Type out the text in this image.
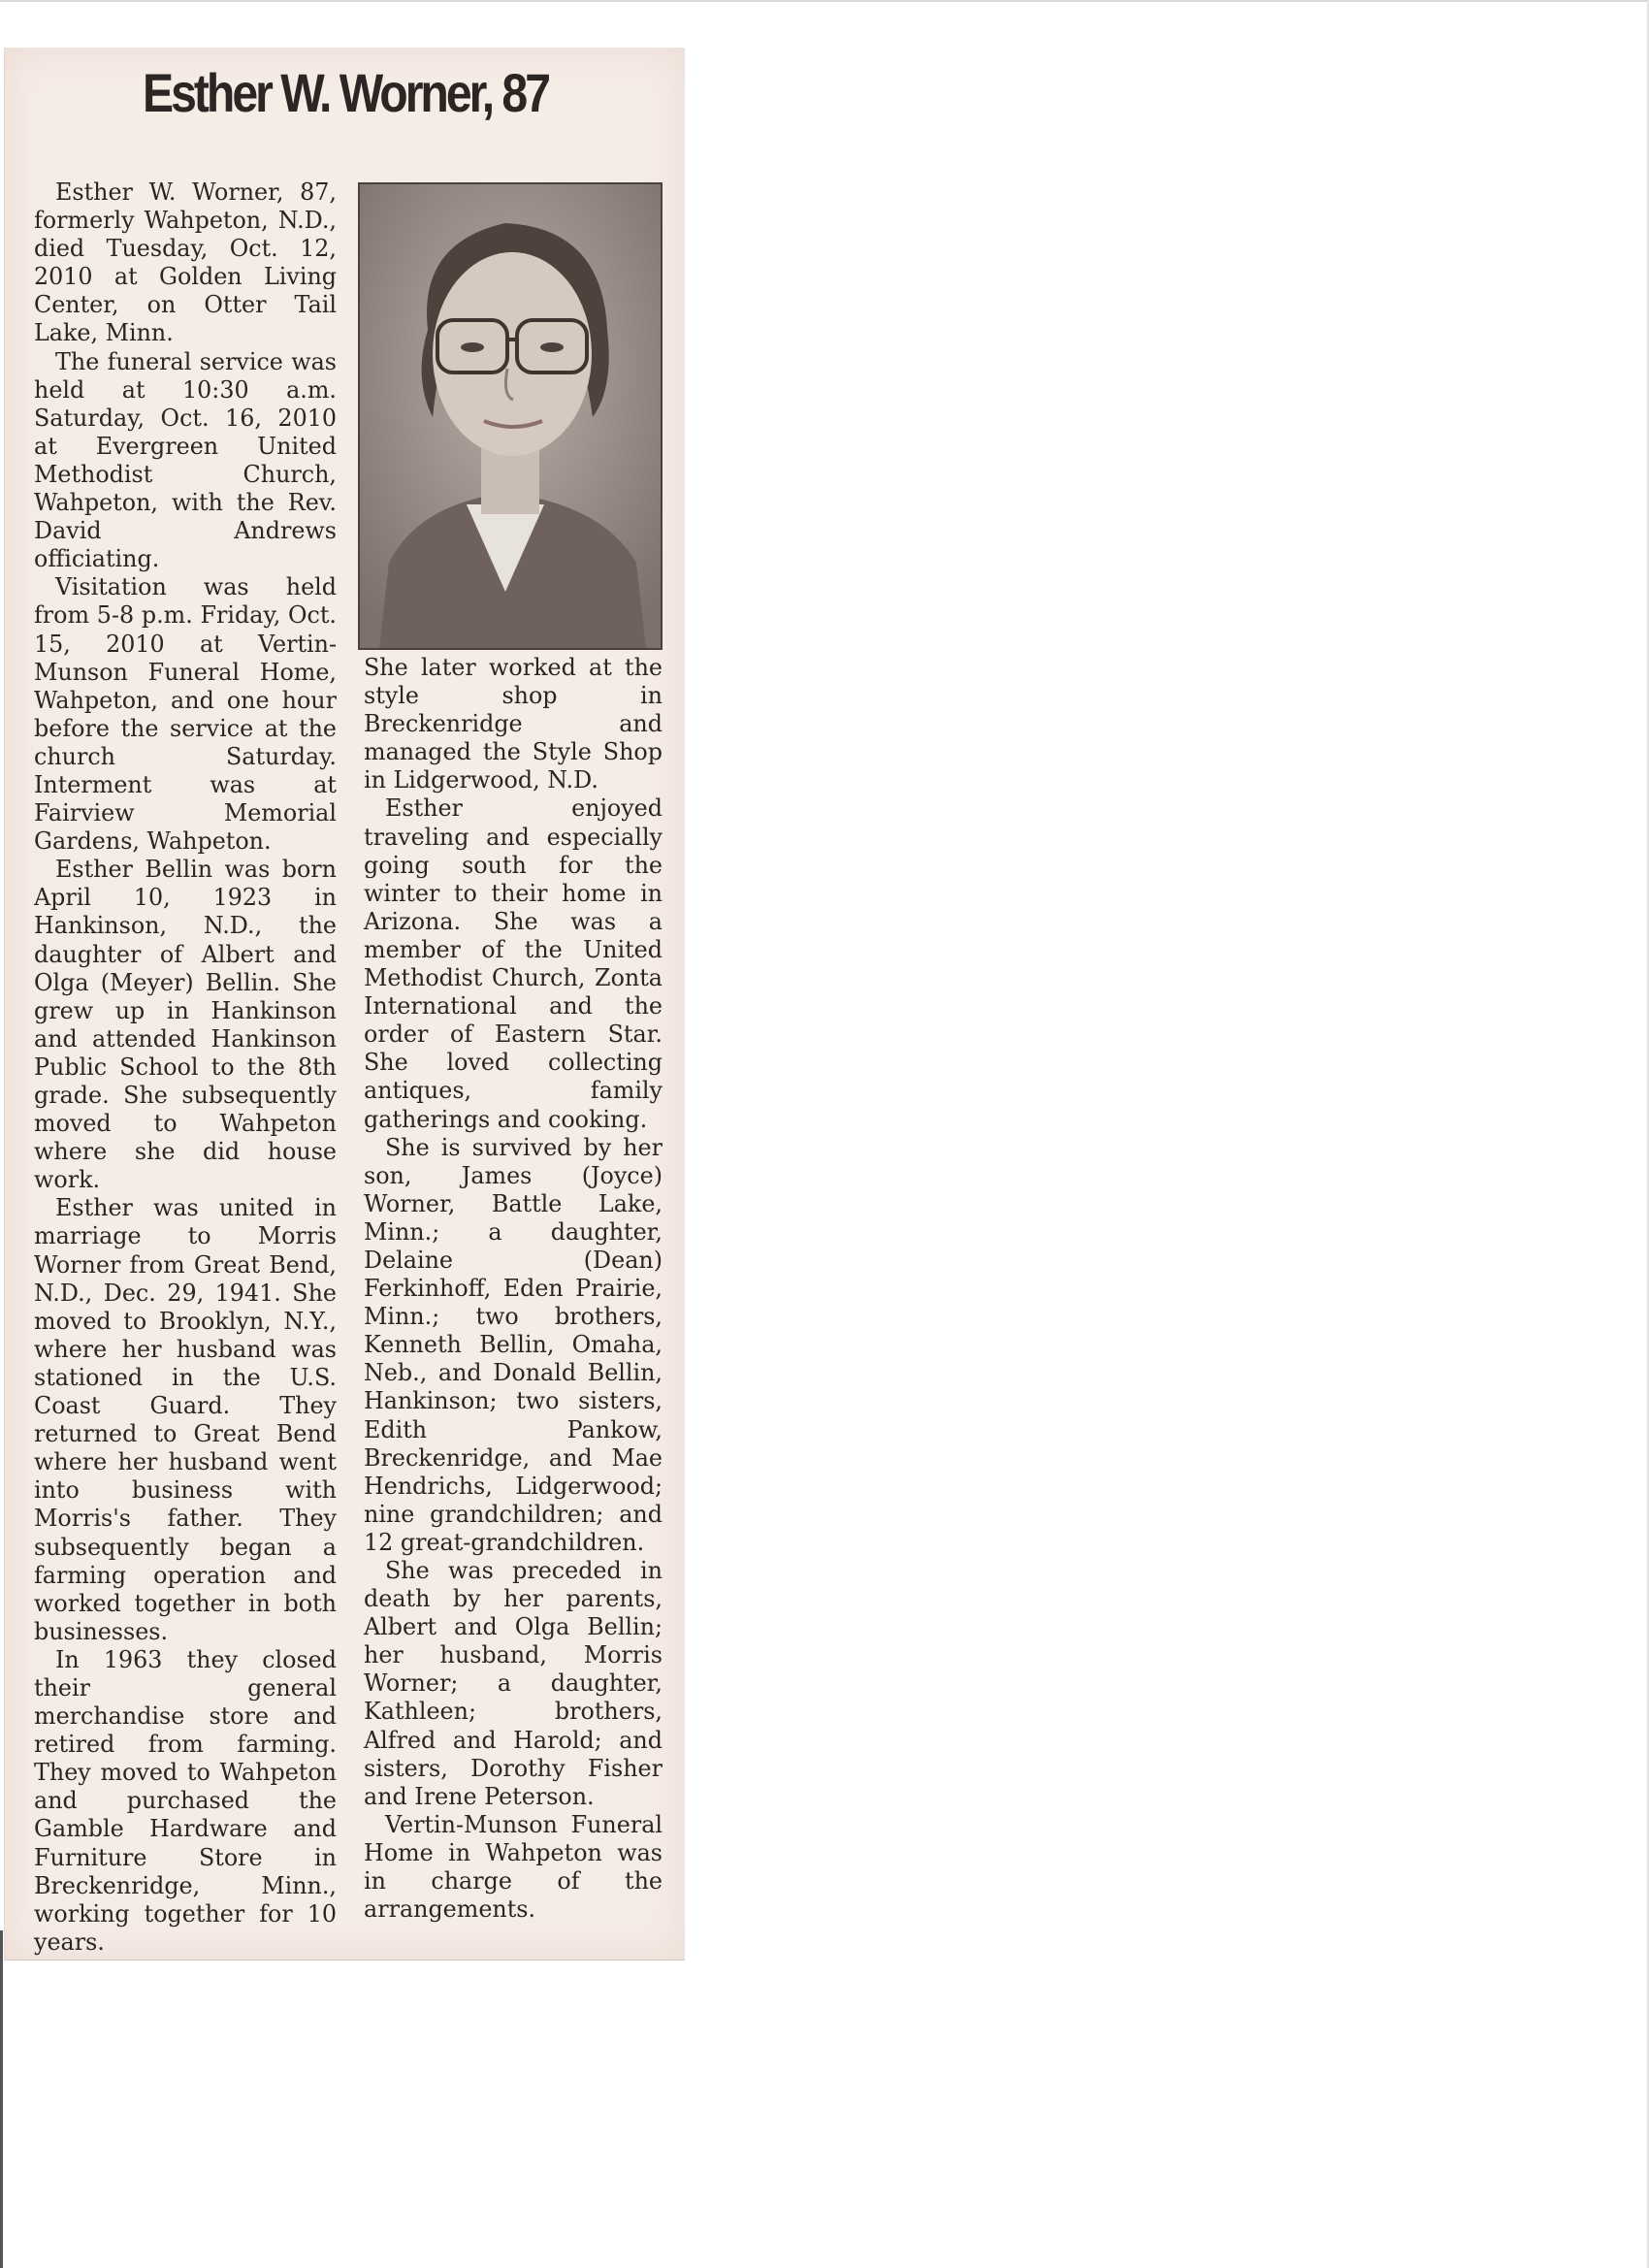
Esther W. Worner, 87

Esther W. Worner, 87, formerly Wahpeton, N.D., died Tuesday, Oct. 12, 2010 at Golden Living Center, on Otter Tail Lake, Minn.

The funeral service was held at 10:30 a.m. Saturday, Oct. 16, 2010 at Evergreen United Methodist Church, Wahpeton, with the Rev. David Andrews officiating.

Visitation was held from 5-8 p.m. Friday, Oct. 15, 2010 at Vertin-Munson Funeral Home, Wahpeton, and one hour before the service at the church Saturday. Interment was at Fairview Memorial Gardens, Wahpeton.

Esther Bellin was born April 10, 1923 in Hankinson, N.D., the daughter of Albert and Olga (Meyer) Bellin. She grew up in Hankinson and attended Hankinson Public School to the 8th grade. She subsequently moved to Wahpeton where she did house work.

Esther was united in marriage to Morris Worner from Great Bend, N.D., Dec. 29, 1941. She moved to Brooklyn, N.Y., where her husband was stationed in the U.S. Coast Guard. They returned to Great Bend where her husband went into business with Morris's father. They subsequently began a farming operation and worked together in both businesses.

In 1963 they closed their general merchandise store and retired from farming. They moved to Wahpeton and purchased the Gamble Hardware and Furniture Store in Breckenridge, Minn., working together for 10 years.

She later worked at the style shop in Breckenridge and managed the Style Shop in Lidgerwood, N.D.

Esther enjoyed traveling and especially going south for the winter to their home in Arizona. She was a member of the United Methodist Church, Zonta International and the order of Eastern Star. She loved collecting antiques, family gatherings and cooking.

She is survived by her son, James (Joyce) Worner, Battle Lake, Minn.; a daughter, Delaine (Dean) Ferkinhoff, Eden Prairie, Minn.; two brothers, Kenneth Bellin, Omaha, Neb., and Donald Bellin, Hankinson; two sisters, Edith Pankow, Breckenridge, and Mae Hendrichs, Lidgerwood; nine grandchildren; and 12 great-grandchildren.

She was preceded in death by her parents, Albert and Olga Bellin; her husband, Morris Worner; a daughter, Kathleen; brothers, Alfred and Harold; and sisters, Dorothy Fisher and Irene Peterson.

Vertin-Munson Funeral Home in Wahpeton was in charge of the arrangements.
